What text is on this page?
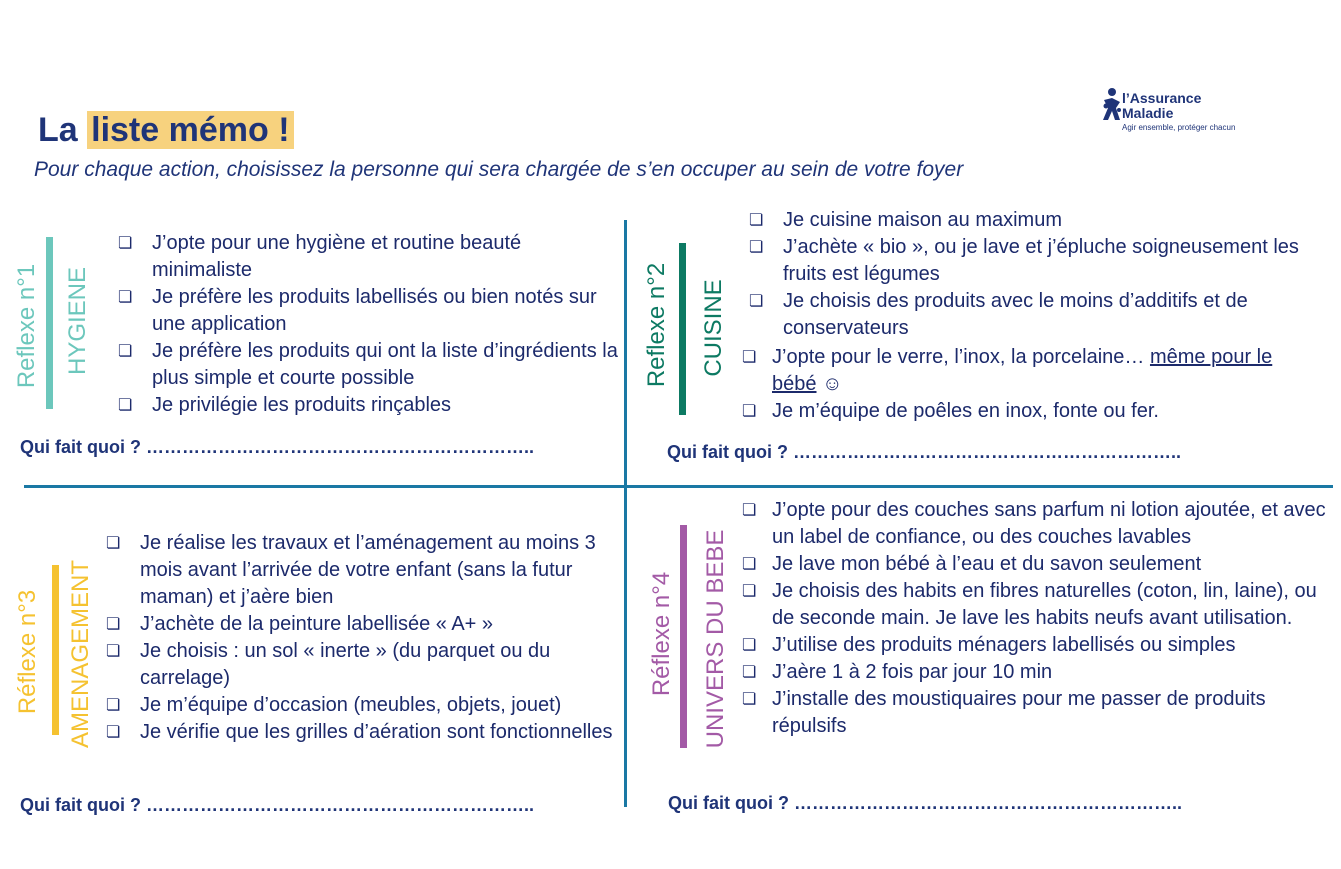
La liste mémo !

Pour chaque action, choisissez la personne qui sera chargée de s’en occuper au sein de votre foyer

l’Assurance
Maladie
Agir ensemble, protéger chacun
Reflexe n°1 HYGIENE
❏ J’opte pour une hygiène et routine beauté minimaliste
❏ Je préfère les produits labellisés ou bien notés sur une application
❏ Je préfère les produits qui ont la liste d’ingrédients la plus simple et courte possible
❏ Je privilégie les produits rinçables
Qui fait quoi ? ………………………………………………………..
Reflexe n°2 CUISINE
❏ Je cuisine maison au maximum
❏ J’achète « bio », ou je lave et j’épluche soigneusement les fruits est légumes
❏ Je choisis des produits avec le moins d’additifs et de conservateurs
❏ J’opte pour le verre, l’inox, la porcelaine… même pour le bébé ☺
❏ Je m’équipe de poêles en inox, fonte ou fer.
Qui fait quoi ? ………………………………………………………..
Réflexe n°3 AMENAGEMENT
❏ Je réalise les travaux et l’aménagement au moins 3 mois avant l’arrivée de votre enfant (sans la futur maman) et j’aère bien
❏ J’achète de la peinture labellisée « A+ »
❏ Je choisis : un sol « inerte » (du parquet ou du carrelage)
❏ Je m’équipe d’occasion (meubles, objets, jouet)
❏ Je vérifie que les grilles d’aération sont fonctionnelles
Qui fait quoi ? ………………………………………………………..
Réflexe n°4 UNIVERS DU BEBE
❏ J’opte pour des couches sans parfum ni lotion ajoutée, et avec un label de confiance, ou des couches lavables
❏ Je lave mon bébé à l’eau et du savon seulement
❏ Je choisis des habits en fibres naturelles (coton, lin, laine), ou de seconde main. Je lave les habits neufs avant utilisation.
❏ J’utilise des produits ménagers labellisés ou simples
❏ J’aère 1 à 2 fois par jour 10 min
❏ J’installe des moustiquaires pour me passer de produits répulsifs
Qui fait quoi ? ………………………………………………………..
